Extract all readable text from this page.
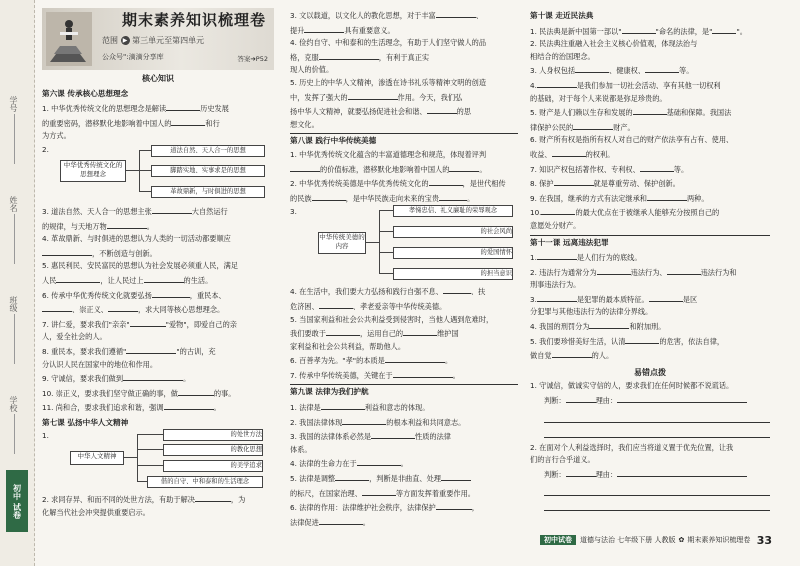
学号
姓名
班级
学校
初中 试卷
期末素养知识梳理卷
范围 ▶ 第三单元至第四单元
公众号":滴滴分享库	答案➔P52
核心知识
第六课 传承核心思想理念

1. 中华优秀传统文化的思想理念是解读	历史发展
的重要密码，潜移默化地影响着中国人的	和行
为方式。

2.
中华优秀传统文化的思想理念
道法自然、天人合一的思想
脚踏实地、实事求是的思想
革故鼎新，与时俱进的思想

3. 道法自然、天人合一的思想主张	大自然运行
的规律，与天地万物	。

4. 革故鼎新、与时俱进的思想认为人类的一切活动都要顺应
，不断创造与创新。

5. 惠民利民、安民富民的思想认为社会发展必须重人民，满足
人民	，让人民过上	的生活。

6. 传承中华优秀传统文化就要弘扬	，重民本、
、崇正义、	，求大同等核心思想理念。

7. 讲仁爱，要求我们"亲亲"	"爱物"，即爱自己的亲
人，爱全社会的人。

8. 重民本，要求我们遵循"	"的古训，充
分认识人民在国家中的地位和作用。

9. 守诚信，要求我们做到	。

10. 崇正义，要求我们坚守做正确的事，做	的事。

11. 尚和合，要求我们追求和谐，强调	。

第七课 弘扬中华人文精神
1.
中华人文精神
的处世方法
的教化思想
的美学追求
偕的自守、中和泰和的生活理念

2. 求同存异、和而不同的处世方法，有助于解决	，为
化解当代社会冲突提供重要启示。

3. 文以载道，以文化人的教化思想，对于丰富	、
提升	具有重要意义。

4. 俭约自守、中和泰和的生活理念，有助于人们坚守做人的品
格，克服	，有利于真正实
现人的价值。

5. 历史上的中华人文精神，渗透在诗书礼乐等精神文明的创造
中，发挥了强大的	作用。今天，我们弘
扬中华人文精神，就要弘扬促进社会和谐、	的思
想文化。

第八课 践行中华传统美德

1. 中华优秀传统文化蕴含的丰富道德理念和规范，体现着评判
的价值标准，潜移默化地影响着中国人的	。

2. 中华优秀传统美德是中华优秀传统文化的	，是世代相传
的民族	，是中华民族走向未来的宝贵	。

3.
中华传统美德的内容
孝悌忠信、礼义廉耻的荣辱观念
的社会风尚
的爱国情怀
的担当意识

4. 在生活中，我们要大力弘扬和践行自强不息、	、扶
危济困、	、孝老爱亲等中华传统美德。

5. 当国家利益和社会公共利益受到侵害时，当他人遇到危难时，
我们要敢于	，运用自己的	维护国
家利益和社会公共利益，帮助他人。

6. 百善孝为先。"孝"的本质是	。

7. 传承中华传统美德，关键在于	。

第九课 法律为我们护航

1. 法律是	利益和意志的体现。

2. 我国法律体现	的根本利益和共同意志。

3. 我国的法律体系必然是	性质的法律
体系。

4. 法律的生命力在于	。

5. 法律是调整	，判断是非曲直、处理
的标尺，在国家治理、	等方面发挥着重要作用。

6. 法律的作用：法律维护社会秩序，法律保护	，
法律促进	。

第十课 走近民法典

1. 民法典是新中国第一部以"	"命名的法律，是"	"。

2. 民法典注重融入社会主义核心价值观，体现法治与
相结合的治国理念。

3. 人身权包括	、健康权、	等。

4.	是我们参加一切社会活动、享有其他一切权利
的基础，对于每个人来说都是弥足珍贵的。

5. 财产是人们赖以生存和发展的	基础和保障。我国法
律保护公民的	财产。

6. 财产所有权是指所有权人对自己的财产依法享有占有、使用、
收益、	的权利。

7. 知识产权包括著作权、专利权、	等。

8. 保护	就是尊重劳动、保护创新。

9. 在我国，继承的方式有法定继承和	两种。

10.	的最大优点在于被继承人能够充分按照自己的
意愿处分财产。

第十一课 远离违法犯罪

1.	是人们行为的底线。

2. 违法行为通常分为	违法行为、	违法行为和
刑事违法行为。

3.	是犯罪的最本质特征。	是区
分犯罪与其他违法行为的法律分界线。

4. 我国的刑罚分为	和附加刑。

5. 我们要珍惜美好生活，认清	的危害，依法自律，
做自觉	的人。

易错点拨

1. 守诚信，做诚实守信的人，要求我们在任何时候都不说谎话。

判断：	理由：

2. 在面对个人利益选择时，我们应当将道义置于优先位置，让我
们的言行合乎道义。

判断：	理由：

初中试卷	道德与法治 七年级下册 人教版 ✿ 期末素养知识梳理卷 33
